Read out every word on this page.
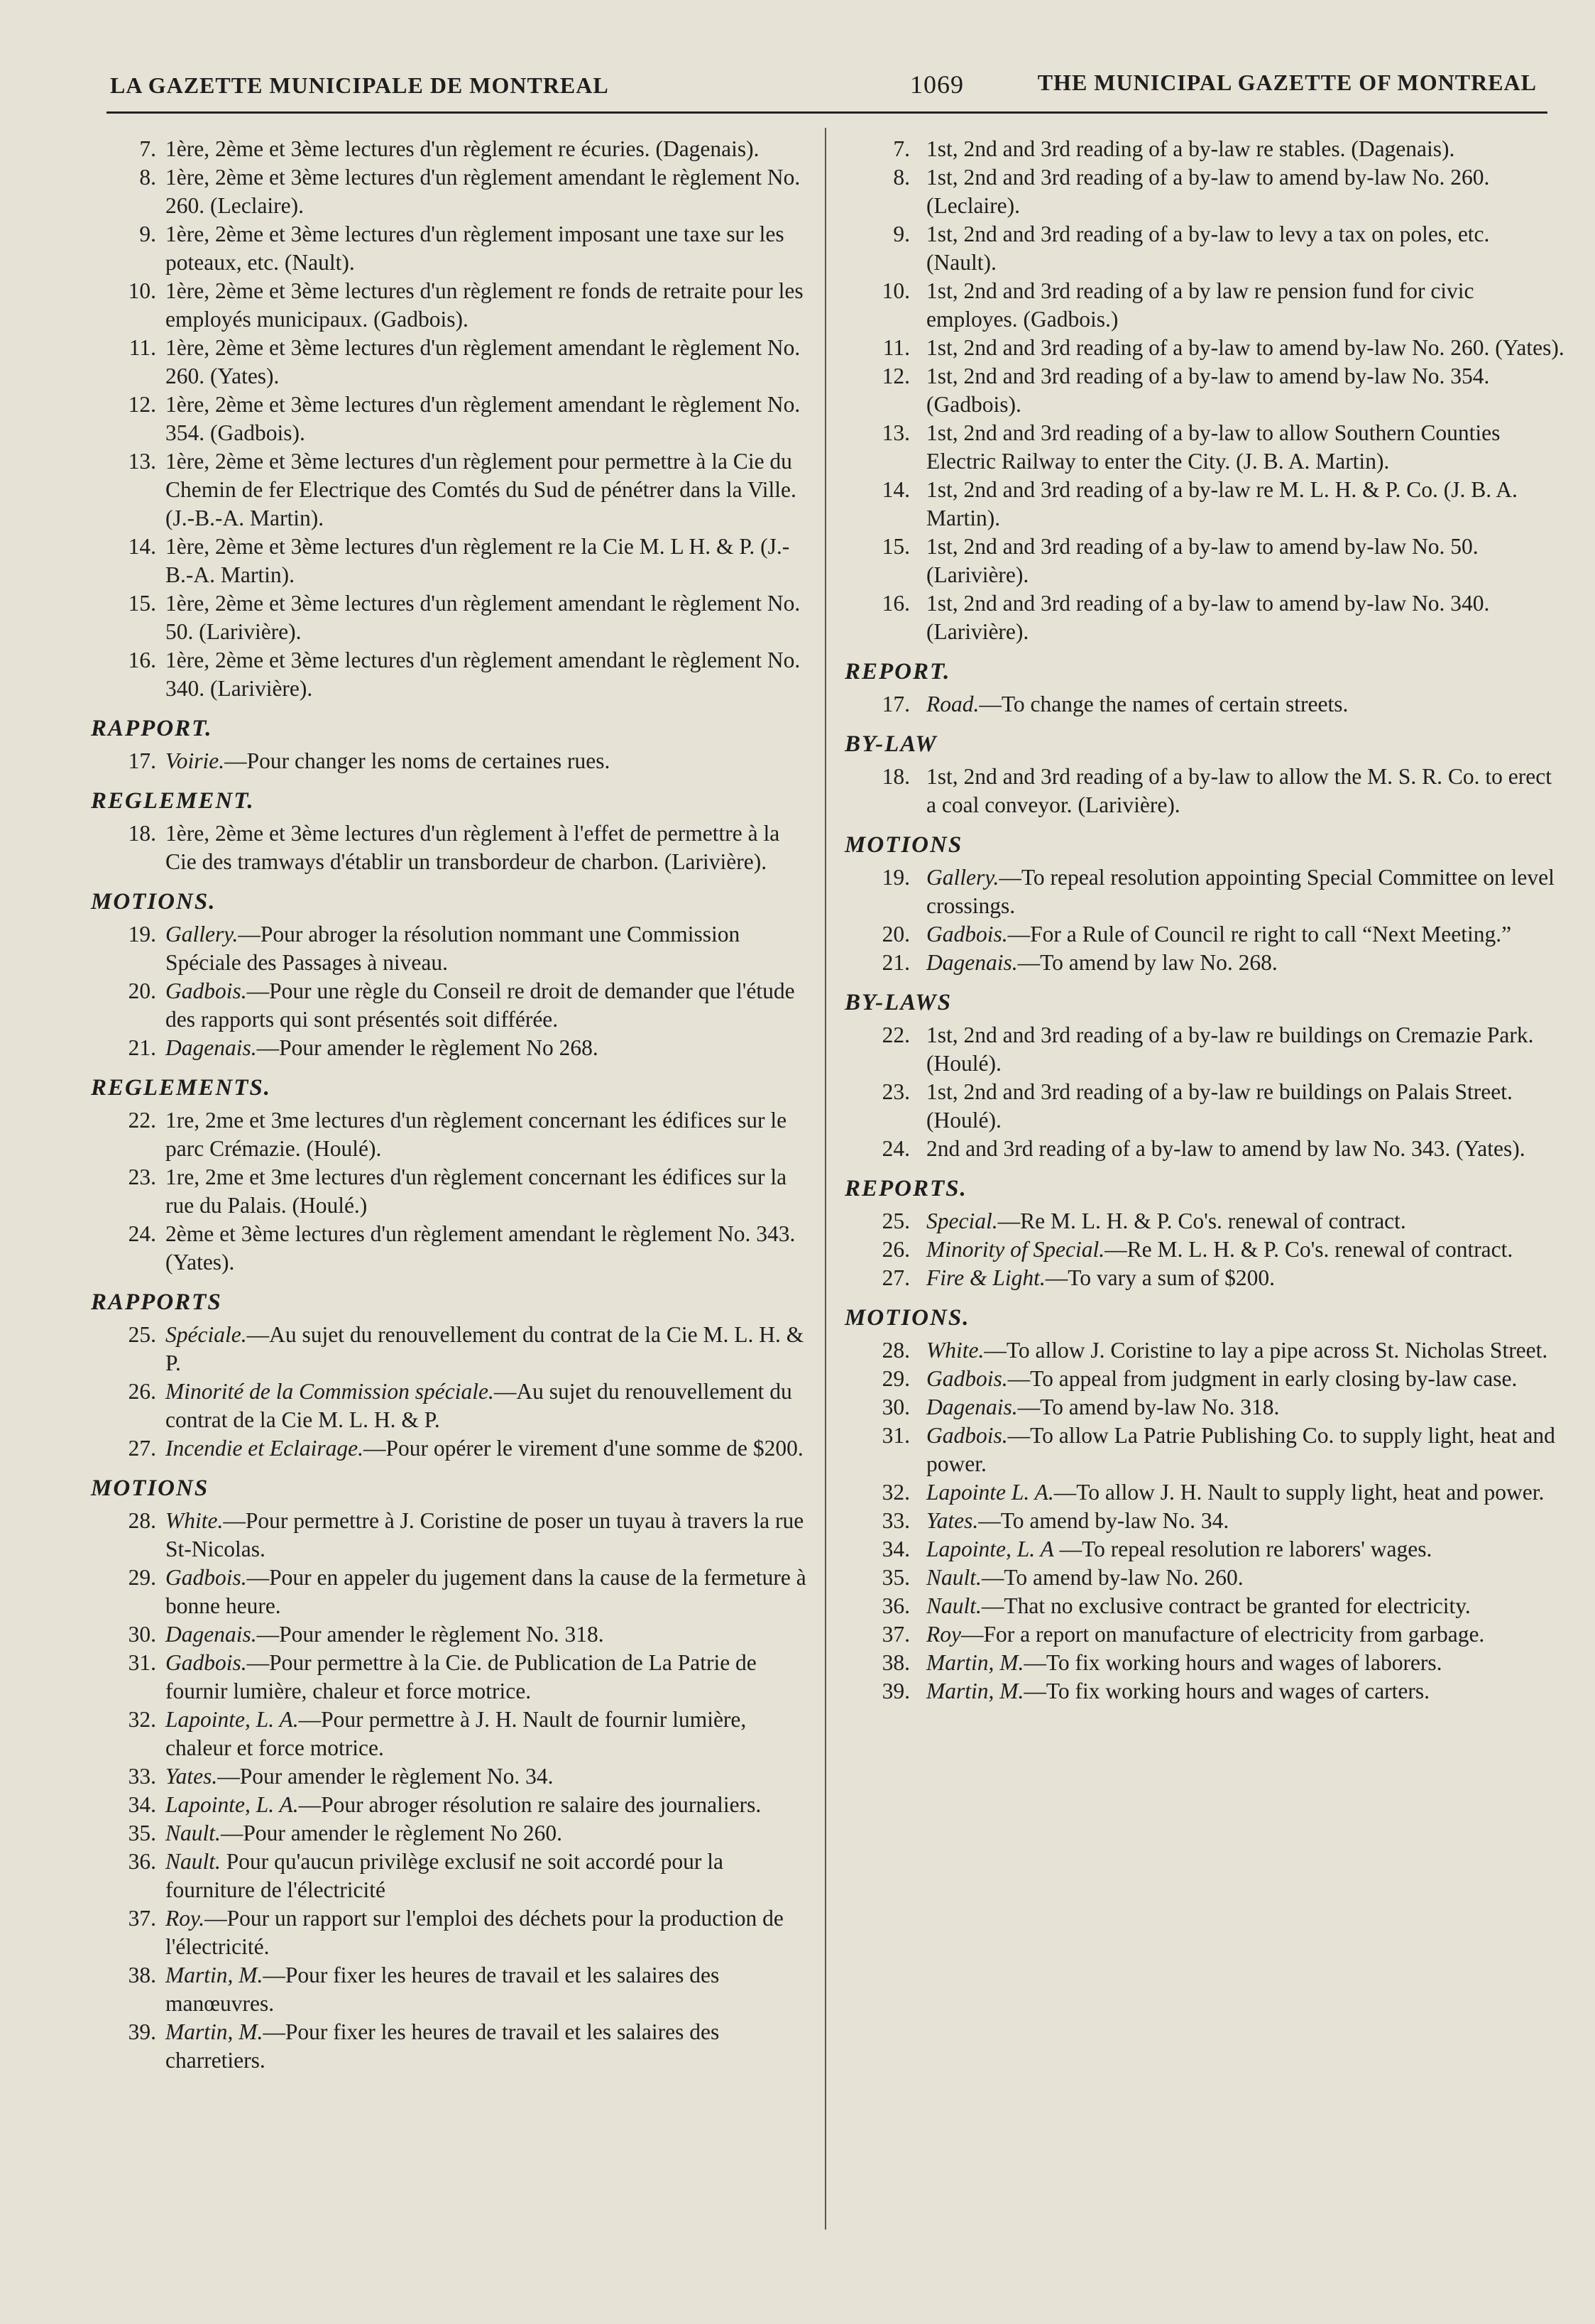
LA GAZETTE MUNICIPALE DE MONTREAL	1069	THE MUNICIPAL GAZETTE OF MONTREAL
7. 1ère, 2ème et 3ème lectures d'un règlement re écuries. (Dagenais).
8. 1ère, 2ème et 3ème lectures d'un règlement amendant le règlement No. 260. (Leclaire).
9. 1ère, 2ème et 3ème lectures d'un règlement imposant une taxe sur les poteaux, etc. (Nault).
10. 1ère, 2ème et 3ème lectures d'un règlement re fonds de retraite pour les employés municipaux. (Gadbois).
11. 1ère, 2ème et 3ème lectures d'un règlement amendant le règlement No. 260. (Yates).
12. 1ère, 2ème et 3ème lectures d'un règlement amendant le règlement No. 354. (Gadbois).
13. 1ère, 2ème et 3ème lectures d'un règlement pour permettre à la Cie du Chemin de fer Electrique des Comtés du Sud de pénétrer dans la Ville. (J.-B.-A. Martin).
14. 1ère, 2ème et 3ème lectures d'un règlement re la Cie M. L H. & P. (J.-B.-A. Martin).
15. 1ère, 2ème et 3ème lectures d'un règlement amendant le règlement No. 50. (Larivière).
16. 1ère, 2ème et 3ème lectures d'un règlement amendant le règlement No. 340. (Larivière).
RAPPORT.
17. Voirie.—Pour changer les noms de certaines rues.
REGLEMENT.
18. 1ère, 2ème et 3ème lectures d'un règlement à l'effet de permettre à la Cie des tramways d'établir un transbordeur de charbon. (Larivière).
MOTIONS.
19. Gallery.—Pour abroger la résolution nommant une Commission Spéciale des Passages à niveau.
20. Gadbois.—Pour une règle du Conseil re droit de demander que l'étude des rapports qui sont présentés soit différée.
21. Dagenais.—Pour amender le règlement No 268.
REGLEMENTS.
22. 1re, 2me et 3me lectures d'un règlement concernant les édifices sur le parc Crémazie. (Houlé).
23. 1re, 2me et 3me lectures d'un règlement concernant les édifices sur la rue du Palais. (Houlé.)
24. 2ème et 3ème lectures d'un règlement amendant le règlement No. 343. (Yates).
RAPPORTS
25. Spéciale.—Au sujet du renouvellement du contrat de la Cie M. L. H. & P.
26. Minorité de la Commission spéciale.—Au sujet du renouvellement du contrat de la Cie M. L. H. & P.
27. Incendie et Eclairage.—Pour opérer le virement d'une somme de $200.
MOTIONS
28. White.—Pour permettre à J. Coristine de poser un tuyau à travers la rue St-Nicolas.
29. Gadbois.—Pour en appeler du jugement dans la cause de la fermeture à bonne heure.
30. Dagenais.—Pour amender le règlement No. 318.
31. Gadbois.—Pour permettre à la Cie. de Publication de La Patrie de fournir lumière, chaleur et force motrice.
32. Lapointe, L. A.—Pour permettre à J. H. Nault de fournir lumière, chaleur et force motrice.
33. Yates.—Pour amender le règlement No. 34.
34. Lapointe, L. A.—Pour abroger résolution re salaire des journaliers.
35. Nault.—Pour amender le règlement No 260.
36. Nault. Pour qu'aucun privilège exclusif ne soit accordé pour la fourniture de l'électricité
37. Roy.—Pour un rapport sur l'emploi des déchets pour la production de l'électricité.
38. Martin, M.—Pour fixer les heures de travail et les salaires des manœuvres.
39. Martin, M.—Pour fixer les heures de travail et les salaires des charretiers.
7. 1st, 2nd and 3rd reading of a by-law re stables. (Dagenais).
8. 1st, 2nd and 3rd reading of a by-law to amend by-law No. 260. (Leclaire).
9. 1st, 2nd and 3rd reading of a by-law to levy a tax on poles, etc. (Nault).
10. 1st, 2nd and 3rd reading of a by law re pension fund for civic employes. (Gadbois.)
11. 1st, 2nd and 3rd reading of a by-law to amend by-law No. 260. (Yates).
12. 1st, 2nd and 3rd reading of a by-law to amend by-law No. 354. (Gadbois).
13. 1st, 2nd and 3rd reading of a by-law to allow Southern Counties Electric Railway to enter the City. (J. B. A. Martin).
14. 1st, 2nd and 3rd reading of a by-law re M. L. H. & P. Co. (J. B. A. Martin).
15. 1st, 2nd and 3rd reading of a by-law to amend by-law No. 50. (Larivière).
16. 1st, 2nd and 3rd reading of a by-law to amend by-law No. 340. (Larivière).
REPORT.
17. Road.—To change the names of certain streets.
BY-LAW
18. 1st, 2nd and 3rd reading of a by-law to allow the M. S. R. Co. to erect a coal conveyor. (Larivière).
MOTIONS
19. Gallery.—To repeal resolution appointing Special Committee on level crossings.
20. Gadbois.—For a Rule of Council re right to call “Next Meeting.”
21. Dagenais.—To amend by law No. 268.
BY-LAWS
22. 1st, 2nd and 3rd reading of a by-law re buildings on Cremazie Park. (Houlé).
23. 1st, 2nd and 3rd reading of a by-law re buildings on Palais Street. (Houlé).
24. 2nd and 3rd reading of a by-law to amend by law No. 343. (Yates).
REPORTS.
25. Special.—Re M. L. H. & P. Co's. renewal of contract.
26. Minority of Special.—Re M. L. H. & P. Co's. renewal of contract.
27. Fire & Light.—To vary a sum of $200.
MOTIONS.
28. White.—To allow J. Coristine to lay a pipe across St. Nicholas Street.
29. Gadbois.—To appeal from judgment in early closing by-law case.
30. Dagenais.—To amend by-law No. 318.
31. Gadbois.—To allow La Patrie Publishing Co. to supply light, heat and power.
32. Lapointe L. A.—To allow J. H. Nault to supply light, heat and power.
33. Yates.—To amend by-law No. 34.
34. Lapointe, L. A —To repeal resolution re laborers' wages.
35. Nault.—To amend by-law No. 260.
36. Nault.—That no exclusive contract be granted for electricity.
37. Roy—For a report on manufacture of electricity from garbage.
38. Martin, M.—To fix working hours and wages of laborers.
39. Martin, M.—To fix working hours and wages of carters.
